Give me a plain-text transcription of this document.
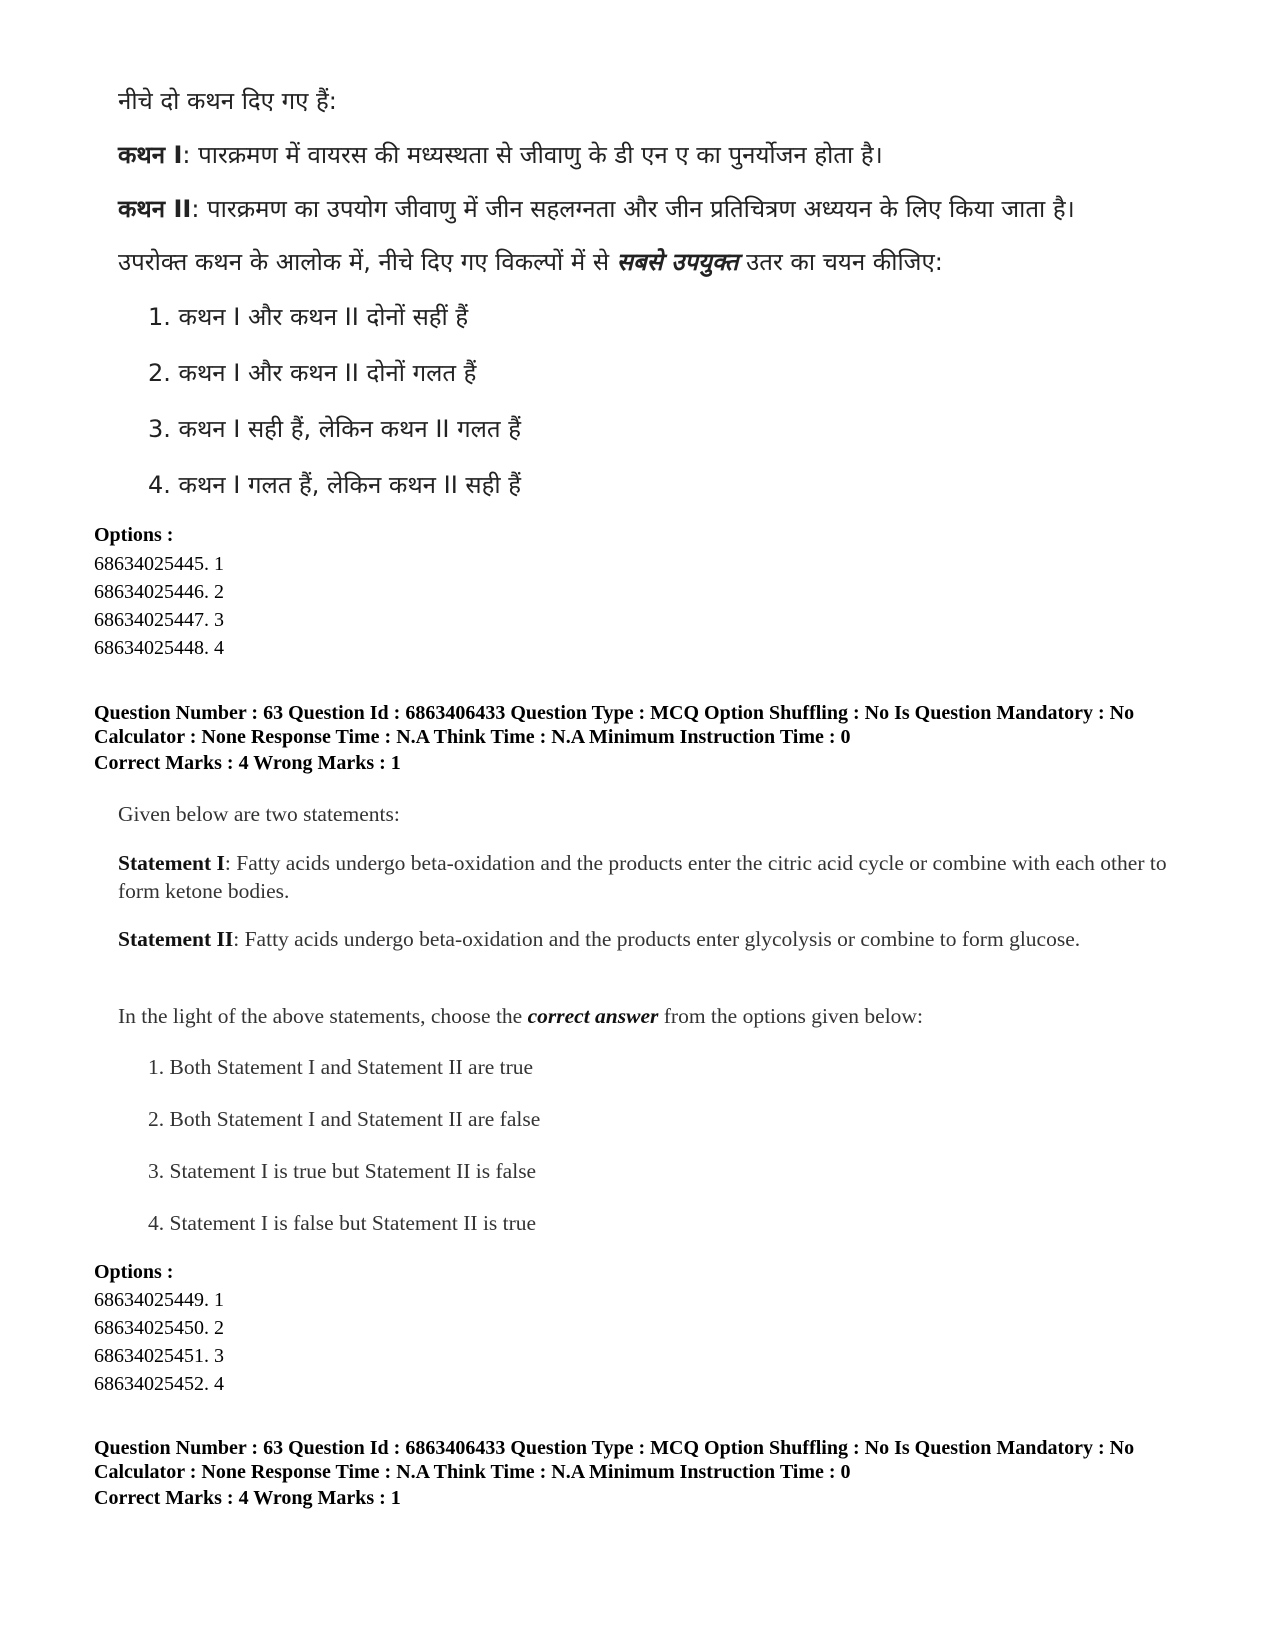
नीचे दो कथन दिए गए हैं:
कथन I: पारक्रमण में वायरस की मध्यस्थता से जीवाणु के डी एन ए का पुनर्योजन होता है।
कथन II: पारक्रमण का उपयोग जीवाणु में जीन सहलग्नता और जीन प्रतिचित्रण अध्ययन के लिए किया जाता है।
उपरोक्त कथन के आलोक में, नीचे दिए गए विकल्पों में से सबसे उपयुक्त उतर का चयन कीजिए:
1. कथन I और कथन II दोनों सहीं हैं
2. कथन I और कथन II दोनों गलत हैं
3. कथन I सही हैं, लेकिन कथन II गलत हैं
4. कथन I गलत हैं, लेकिन कथन II सही हैं
Options :
68634025445. 1
68634025446. 2
68634025447. 3
68634025448. 4
Question Number : 63 Question Id : 6863406433 Question Type : MCQ Option Shuffling : No Is Question Mandatory : No Calculator : None Response Time : N.A Think Time : N.A Minimum Instruction Time : 0
Correct Marks : 4 Wrong Marks : 1
Given below are two statements:
Statement I: Fatty acids undergo beta-oxidation and the products enter the citric acid cycle or combine with each other to form ketone bodies.
Statement II: Fatty acids undergo beta-oxidation and the products enter glycolysis or combine to form glucose.
In the light of the above statements, choose the correct answer from the options given below:
1. Both Statement I and Statement II are true
2. Both Statement I and Statement II are false
3. Statement I is true but Statement II is false
4. Statement I is false but Statement II is true
Options :
68634025449. 1
68634025450. 2
68634025451. 3
68634025452. 4
Question Number : 63 Question Id : 6863406433 Question Type : MCQ Option Shuffling : No Is Question Mandatory : No Calculator : None Response Time : N.A Think Time : N.A Minimum Instruction Time : 0
Correct Marks : 4 Wrong Marks : 1
